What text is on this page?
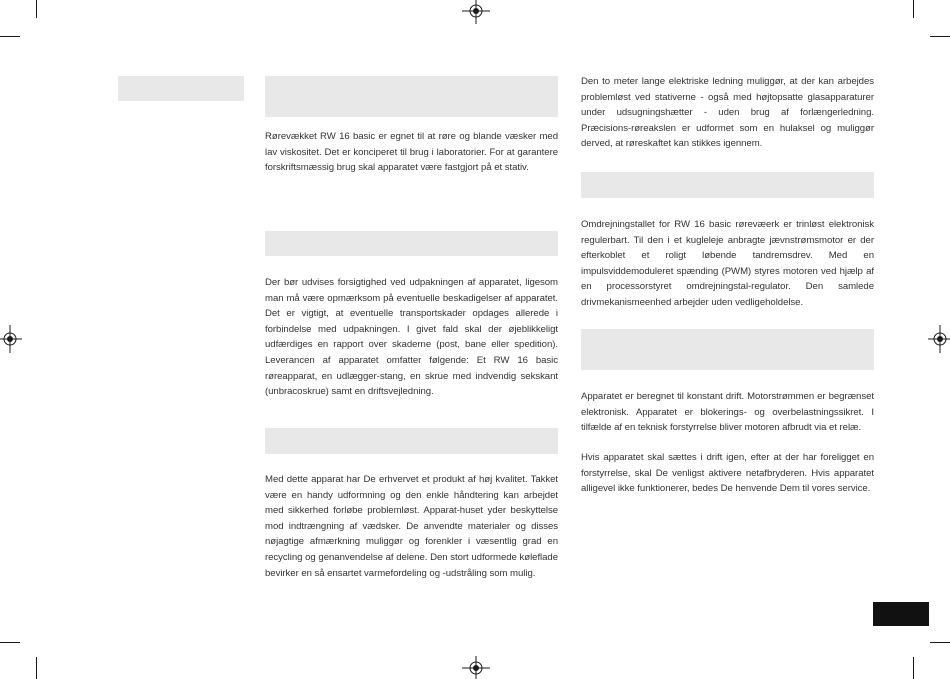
Rørevækket RW 16 basic er egnet til at røre og blande væsker med lav viskositet. Det er konciperet til brug i laboratorier. For at garantere forskriftsmæssig brug skal apparatet være fastgjort på et stativ.

Der bør udvises forsigtighed ved udpakningen af apparatet, ligesom man må være opmærksom på eventuelle beskadigelser af apparatet. Det er vigtigt, at eventuelle transportskader opdages allerede i forbindelse med udpakningen. I givet fald skal der øjeblikkeligt udfærdiges en rapport over skaderne (post, bane eller spedition). Leverancen af apparatet omfatter følgende: Et RW 16 basic røreapparat, en udlægger-stang, en skrue med indvendig sekskant (unbracoskrue) samt en driftsvejledning.

Med dette apparat har De erhvervet et produkt af høj kvalitet. Takket være en handy udformning og den enkle håndtering kan arbejdet med sikkerhed forløbe problemløst. Apparat-huset yder beskyttelse mod indtrængning af vædsker. De anvendte materialer og disses nøjagtige afmærkning muliggør og forenkler i væsentlig grad en recycling og genanvendelse af delene. Den stort udformede køleflade bevirker en så ensartet varmefordeling og -udstråling som mulig.

Den to meter lange elektriske ledning muliggør, at der kan arbejdes problemløst ved stativerne - også med højtopsatte glasapparaturer under udsugningshætter - uden brug af forlængerledning. Præcisions-røreakslen er udformet som en hulaksel og muliggør derved, at røreskaftet kan stikkes igennem.

Omdrejningstallet for RW 16 basic rørevæerk er trinløst elektronisk regulerbart. Til den i et kugleleje anbragte jævnstrømsmotor er der efterkoblet et roligt løbende tandremsdrev. Med en impulsviddemoduleret spænding (PWM) styres motoren ved hjælp af en processorstyret omdrejningstal-regulator. Den samlede drivmekanismeenhed arbejder uden vedligeholdelse.

Apparatet er beregnet til konstant drift. Motorstrømmen er begrænset elektronisk. Apparatet er blokerings- og overbelastningssikret. I tilfælde af en teknisk forstyrrelse bliver motoren afbrudt via et relæ.

Hvis apparatet skal sættes i drift igen, efter at der har foreligget en forstyrrelse, skal De venligst aktivere netafbryderen. Hvis apparatet alligevel ikke funktionerer, bedes De henvende Dem til vores service.
